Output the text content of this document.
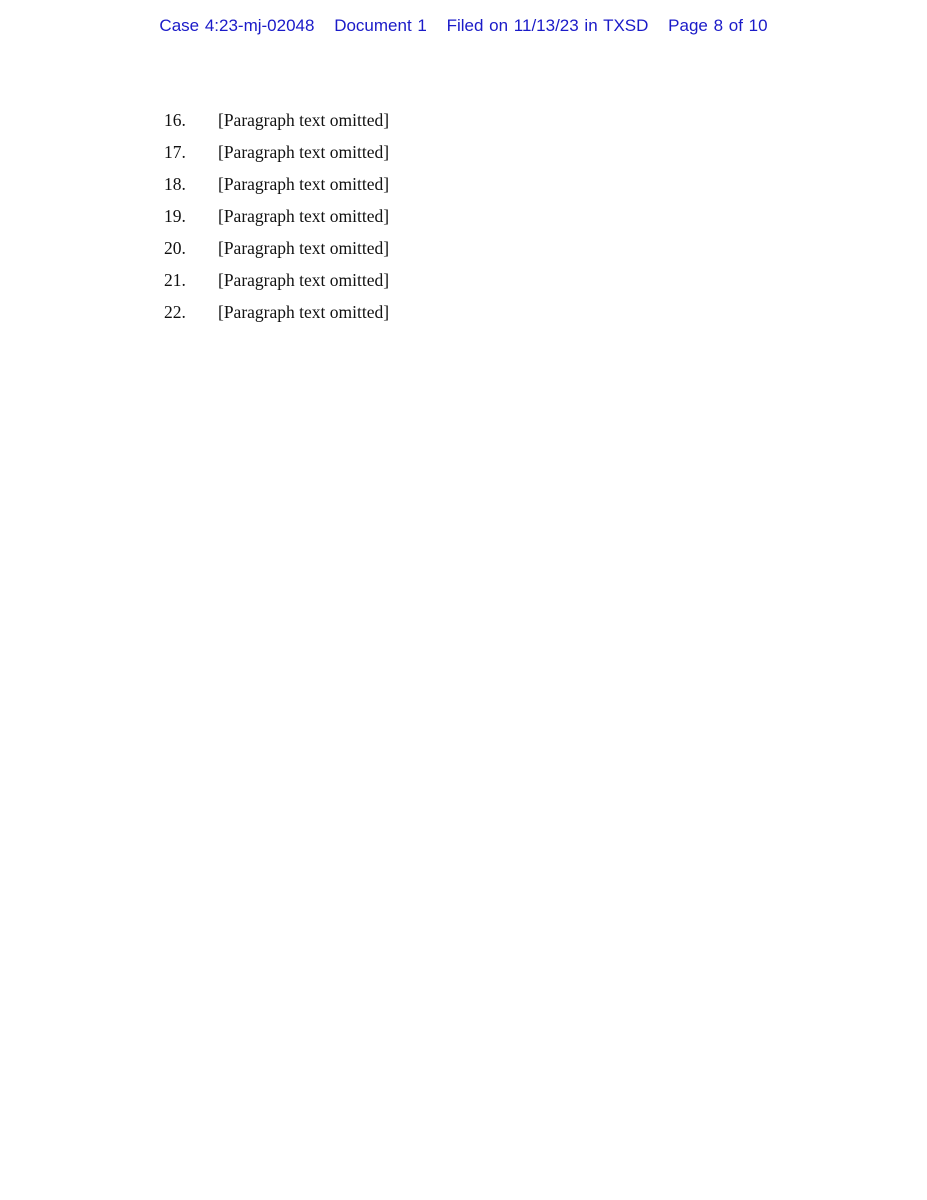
Case 4:23-mj-02048 Document 1 Filed on 11/13/23 in TXSD Page 8 of 10

16. [Paragraph text omitted]

17. [Paragraph text omitted]

18. [Paragraph text omitted]

19. [Paragraph text omitted]

20. [Paragraph text omitted]

21. [Paragraph text omitted]

22. [Paragraph text omitted]
